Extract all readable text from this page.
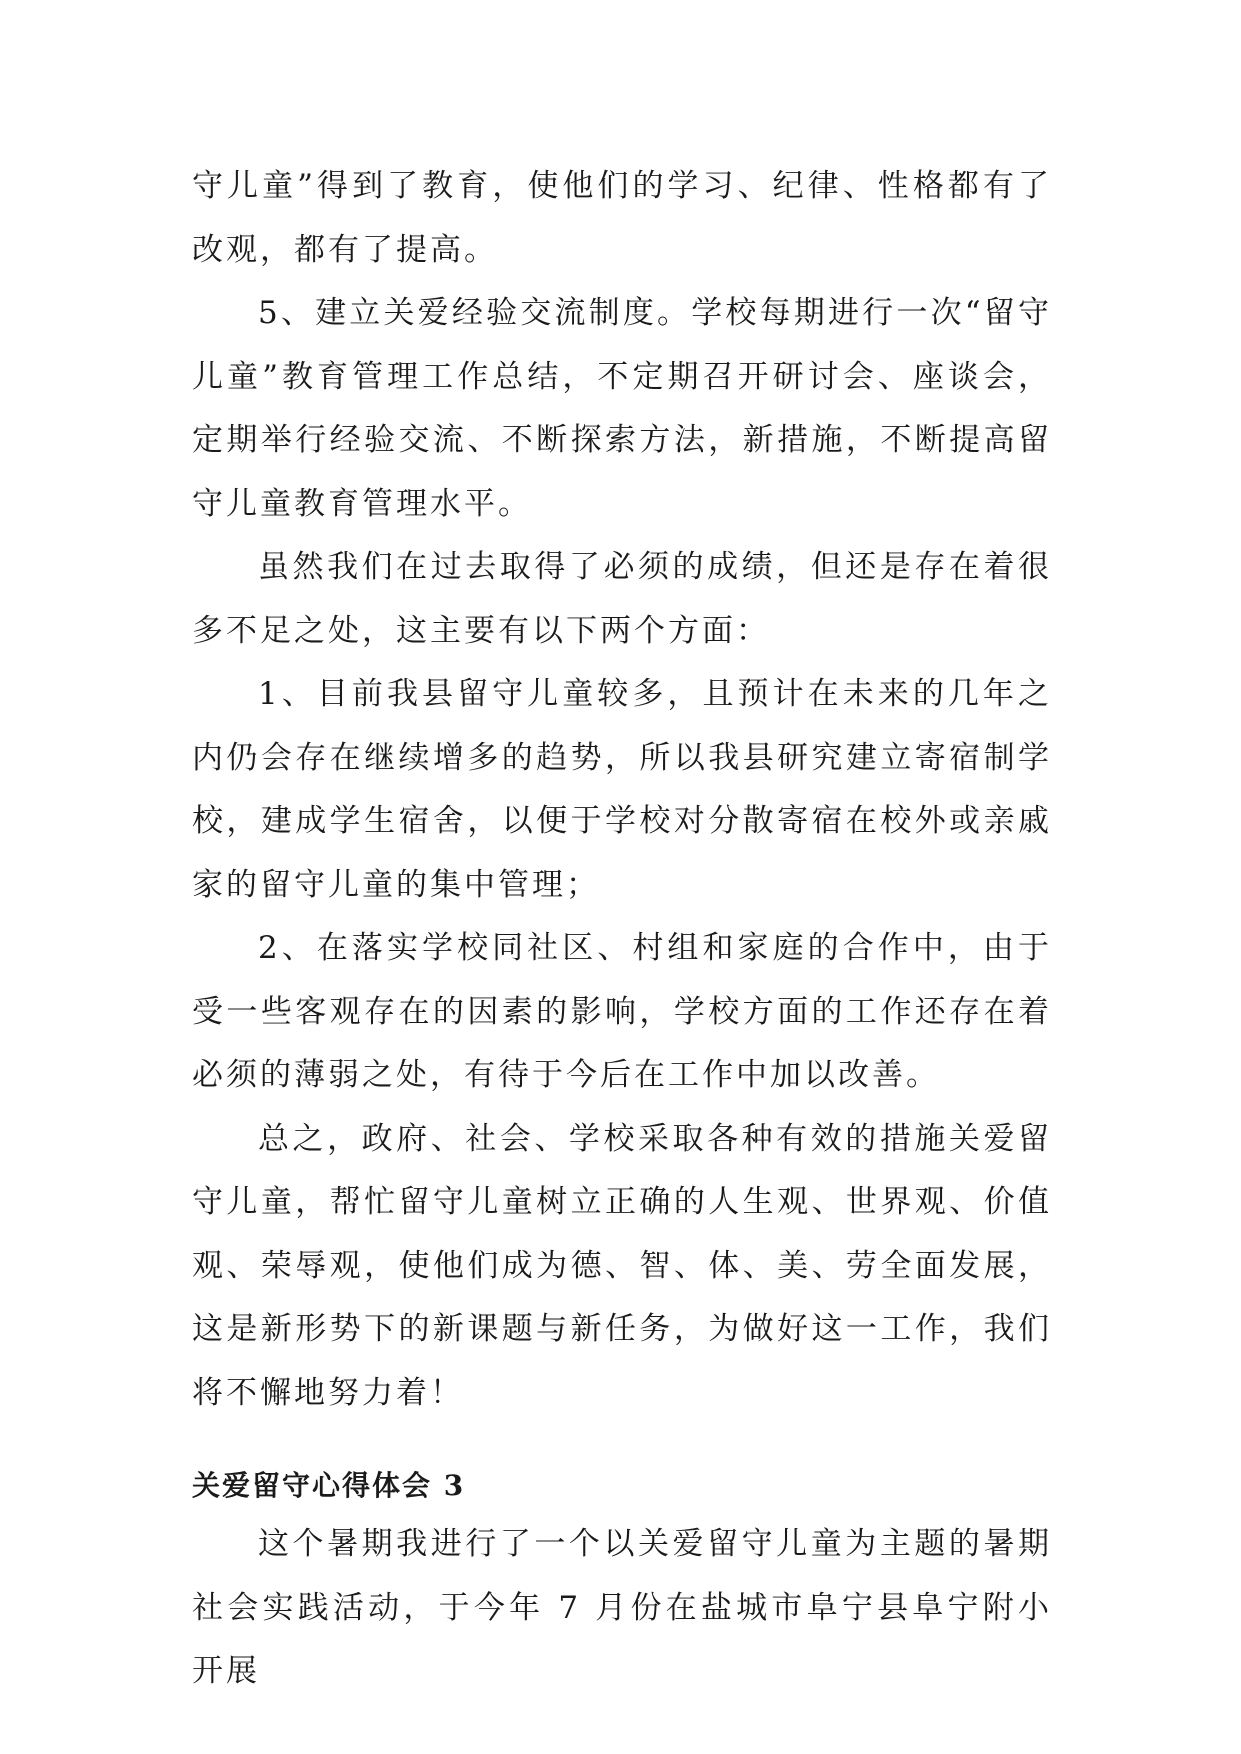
守儿童”得到了教育，使他们的学习、纪律、性格都有了改观，都有了提高。

5、建立关爱经验交流制度。学校每期进行一次“留守儿童”教育管理工作总结，不定期召开研讨会、座谈会，定期举行经验交流、不断探索方法，新措施，不断提高留守儿童教育管理水平。

虽然我们在过去取得了必须的成绩，但还是存在着很多不足之处，这主要有以下两个方面：

1、目前我县留守儿童较多，且预计在未来的几年之内仍会存在继续增多的趋势，所以我县研究建立寄宿制学校，建成学生宿舍，以便于学校对分散寄宿在校外或亲戚家的留守儿童的集中管理；

2、在落实学校同社区、村组和家庭的合作中，由于受一些客观存在的因素的影响，学校方面的工作还存在着必须的薄弱之处，有待于今后在工作中加以改善。

总之，政府、社会、学校采取各种有效的措施关爱留守儿童，帮忙留守儿童树立正确的人生观、世界观、价值观、荣辱观，使他们成为德、智、体、美、劳全面发展，这是新形势下的新课题与新任务，为做好这一工作，我们将不懈地努力着！

关爱留守心得体会 3

这个暑期我进行了一个以关爱留守儿童为主题的暑期社会实践活动，于今年 7 月份在盐城市阜宁县阜宁附小开展
